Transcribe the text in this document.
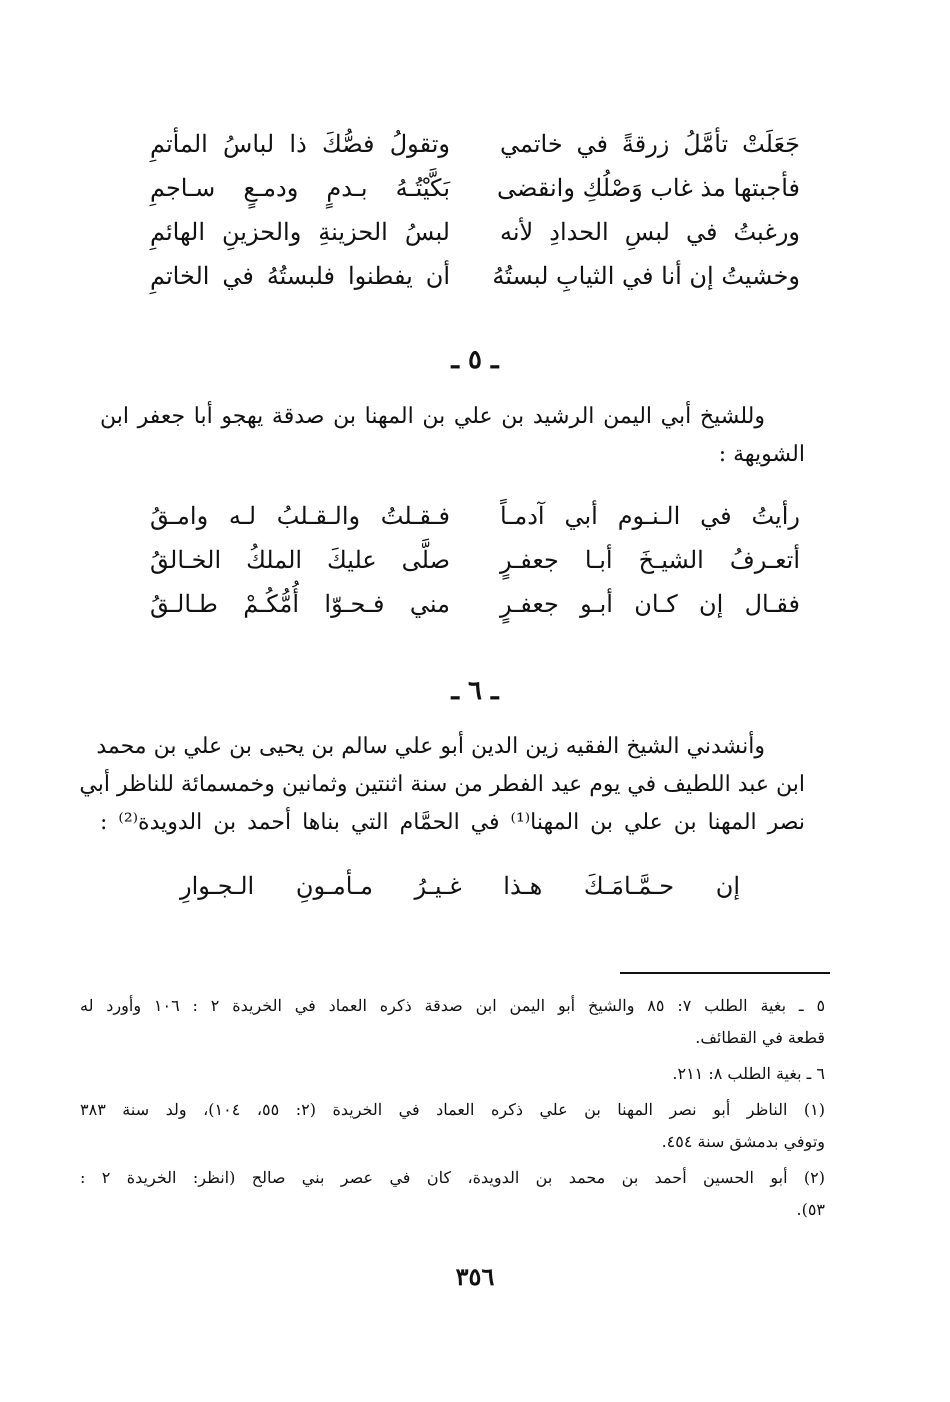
جَعَلَتْ تأمَّلُ زرقةً في خاتمي
وتقولُ فصُّكَ ذا لباسُ المأتمِ
فأجبتها مذ غاب وَصْلُكِ وانقضى
بَكَّيْتُـهُ بـدمٍ ودمـعٍ سـاجمِ
ورغبتُ في لبسِ الحدادِ لأنه
لبسُ الحزينةِ والحزينِ الهائمِ
وخشيتُ إن أنا في الثيابِ لبستُهُ
أن يفطنوا فلبستُهُ في الخاتمِ
ـ ٥ ـ
وللشيخ أبي اليمن الرشيد بن علي بن المهنا بن صدقة يهجو أبا جعفر ابن
الشويهة :
رأيتُ في الـنـوم أبي آدمـاً
فـقـلتُ والـقـلبُ لـه وامـقُ
أتعـرفُ الشيـخَ أبـا جعفـرٍ
صلَّى عليكَ الملكُ الخـالقُ
فقـال إن كـان أبـو جعفـرٍ
مني فـحـوّا أُمُّكُـمْ طـالـقُ
ـ ٦ ـ
وأنشدني الشيخ الفقيه زين الدين أبو علي سالم بن يحيى بن علي بن محمد
ابن عبد اللطيف في يوم عيد الفطر من سنة اثنتين وثمانين وخمسمائة للناظر أبي
نصر المهنا بن علي بن المهنا⁽¹⁾ في الحمَّام التي بناها أحمد بن الدويدة⁽²⁾ :
إن حـمَّـامَـكَ هـذا غـيـرُ مـأمـونِ الـجـوارِ
٥ ـ بغية الطلب ٧: ٨٥ والشيخ أبو اليمن ابن صدقة ذكره العماد في الخريدة ٢ : ١٠٦ وأورد له
قطعة في القطائف.
٦ ـ بغية الطلب ٨: ٢١١.
(١) الناظر أبو نصر المهنا بن علي ذكره العماد في الخريدة (٢: ٥٥، ١٠٤)، ولد سنة ٣٨٣
وتوفي بدمشق سنة ٤٥٤.
(٢) أبو الحسين أحمد بن محمد بن الدويدة، كان في عصر بني صالح (انظر: الخريدة ٢ :
٥٣).
٣٥٦
